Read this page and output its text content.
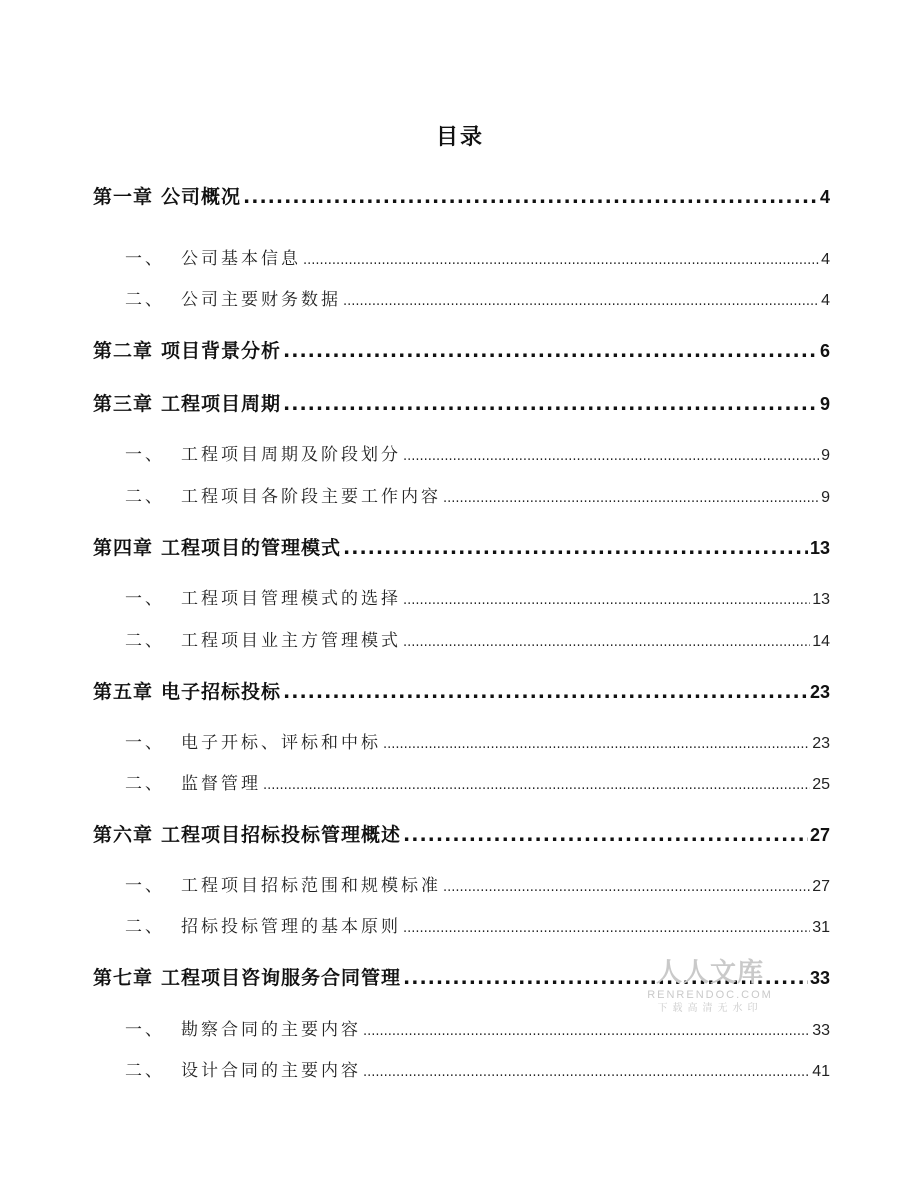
目录
第一章 公司概况 .....	4
一、 公司基本信息 .....	4
二、 公司主要财务数据 .....	4
第二章 项目背景分析 .....	6
第三章 工程项目周期 .....	9
一、 工程项目周期及阶段划分 .....	9
二、 工程项目各阶段主要工作内容 .....	9
第四章 工程项目的管理模式 .....	13
一、 工程项目管理模式的选择 .....	13
二、 工程项目业主方管理模式 .....	14
第五章 电子招标投标 .....	23
一、 电子开标、评标和中标 .....	23
二、 监督管理 .....	25
第六章 工程项目招标投标管理概述 .....	27
一、 工程项目招标范围和规模标准 .....	27
二、 招标投标管理的基本原则 .....	31
第七章 工程项目咨询服务合同管理 .....	33
一、 勘察合同的主要内容 .....	33
二、 设计合同的主要内容 .....	41
人人文库
RENRENDOC.COM
下载高清无水印
